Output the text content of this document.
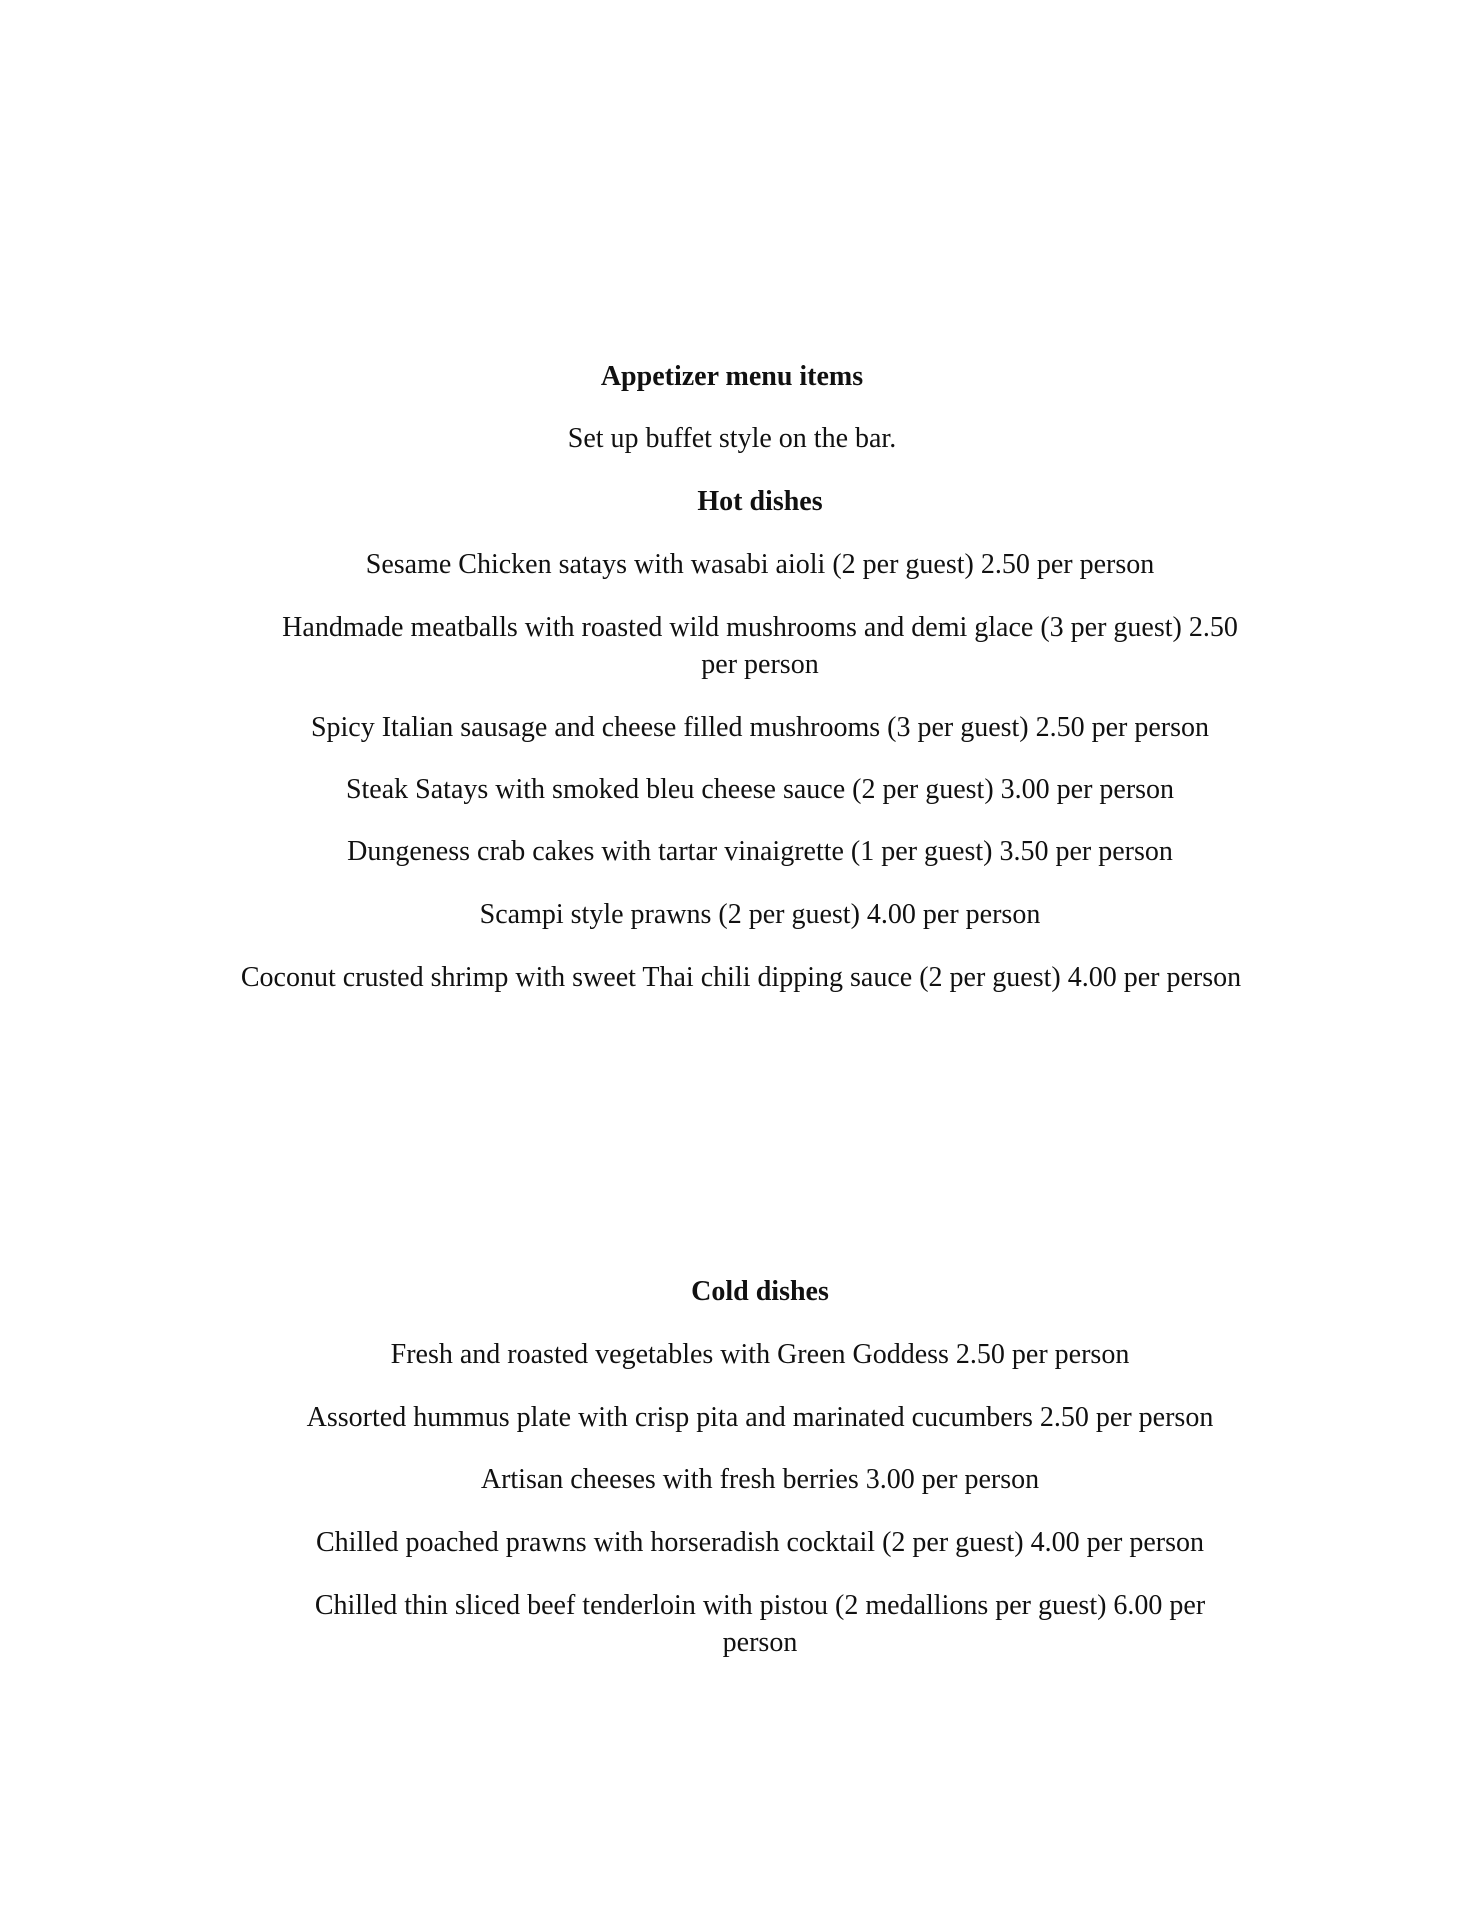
Appetizer menu items

Set up buffet style on the bar.

Hot dishes

Sesame Chicken satays with wasabi aioli (2 per guest) 2.50 per person

Handmade meatballs with roasted wild mushrooms and demi glace (3 per guest) 2.50

per person

Spicy Italian sausage and cheese filled mushrooms (3 per guest) 2.50 per person

Steak Satays with smoked bleu cheese sauce (2 per guest) 3.00 per person

Dungeness crab cakes with tartar vinaigrette (1 per guest) 3.50 per person

Scampi style prawns (2 per guest) 4.00 per person

Coconut crusted shrimp with sweet Thai chili dipping sauce (2 per guest) 4.00 per person

Cold dishes

Fresh and roasted vegetables with Green Goddess 2.50 per person

Assorted hummus plate with crisp pita and marinated cucumbers 2.50 per person

Artisan cheeses with fresh berries 3.00 per person

Chilled poached prawns with horseradish cocktail (2 per guest) 4.00 per person

Chilled thin sliced beef tenderloin with pistou (2 medallions per guest) 6.00 per

person
